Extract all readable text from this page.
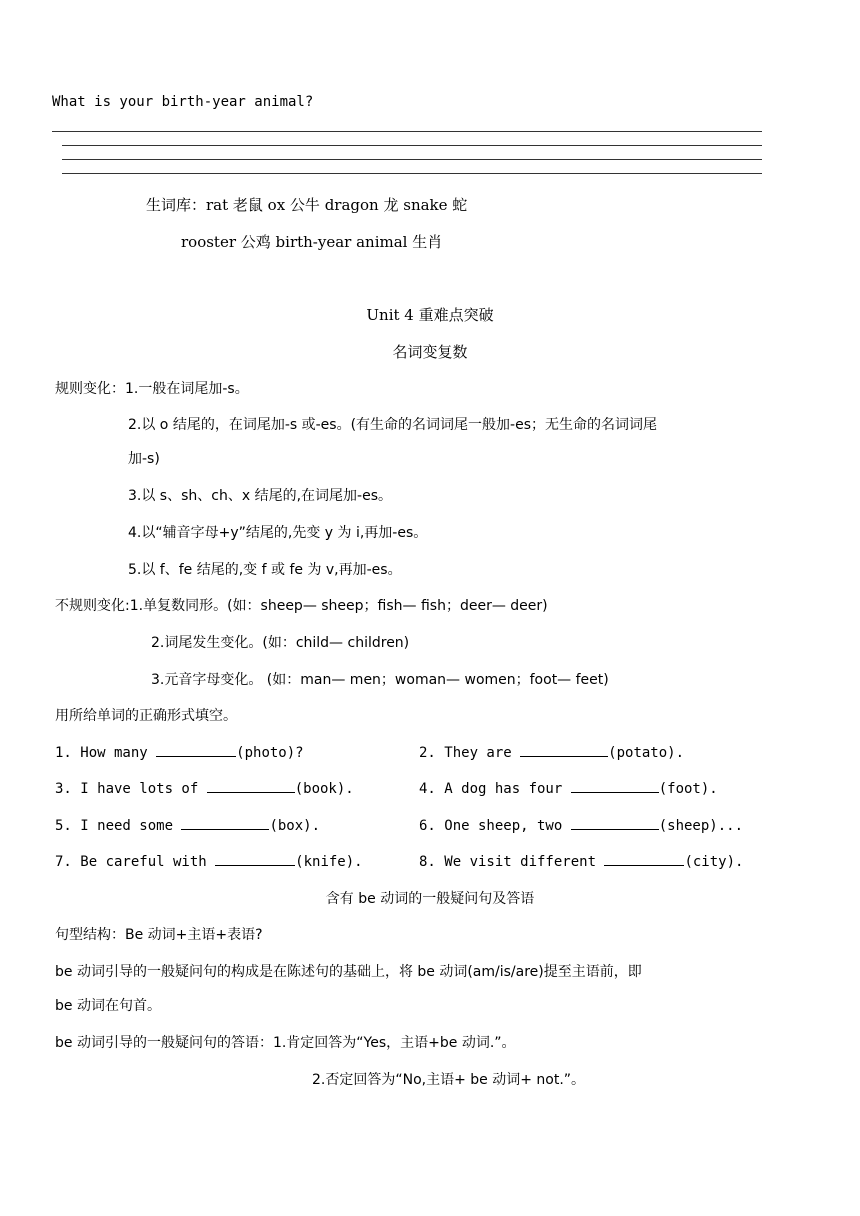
What is your birth-year animal?
生词库：rat 老鼠 ox 公牛 dragon 龙 snake 蛇
rooster 公鸡 birth-year animal 生肖
Unit 4 重难点突破
名词变复数
规则变化：1.一般在词尾加-s。
2.以 o 结尾的，在词尾加-s 或-es。(有生命的名词词尾一般加-es；无生命的名词词尾
加-s)
3.以 s、sh、ch、x 结尾的,在词尾加-es。
4.以“辅音字母+y”结尾的,先变 y 为 i,再加-es。
5.以 f、fe 结尾的,变 f 或 fe 为 v,再加-es。
不规则变化:1.单复数同形。(如：sheep— sheep；fish— fish；deer— deer)
2.词尾发生变化。(如：child— children)
3.元音字母变化。 (如：man— men；woman— women；foot— feet)
用所给单词的正确形式填空。
1. How many	(photo)?	2. They are	(potato).
3. I have lots of	(book).	4. A dog has four	(foot).
5. I need some	(box).	6. One sheep, two	(sheep)...
7. Be careful with	(knife).	8. We visit different	(city).
含有 be 动词的一般疑问句及答语
句型结构：Be 动词+主语+表语?
be 动词引导的一般疑问句的构成是在陈述句的基础上，将 be 动词(am/is/are)提至主语前，即
be 动词在句首。
be 动词引导的一般疑问句的答语：1.肯定回答为“Yes，主语+be 动词.”。
2.否定回答为“No,主语+ be 动词+ not.”。
